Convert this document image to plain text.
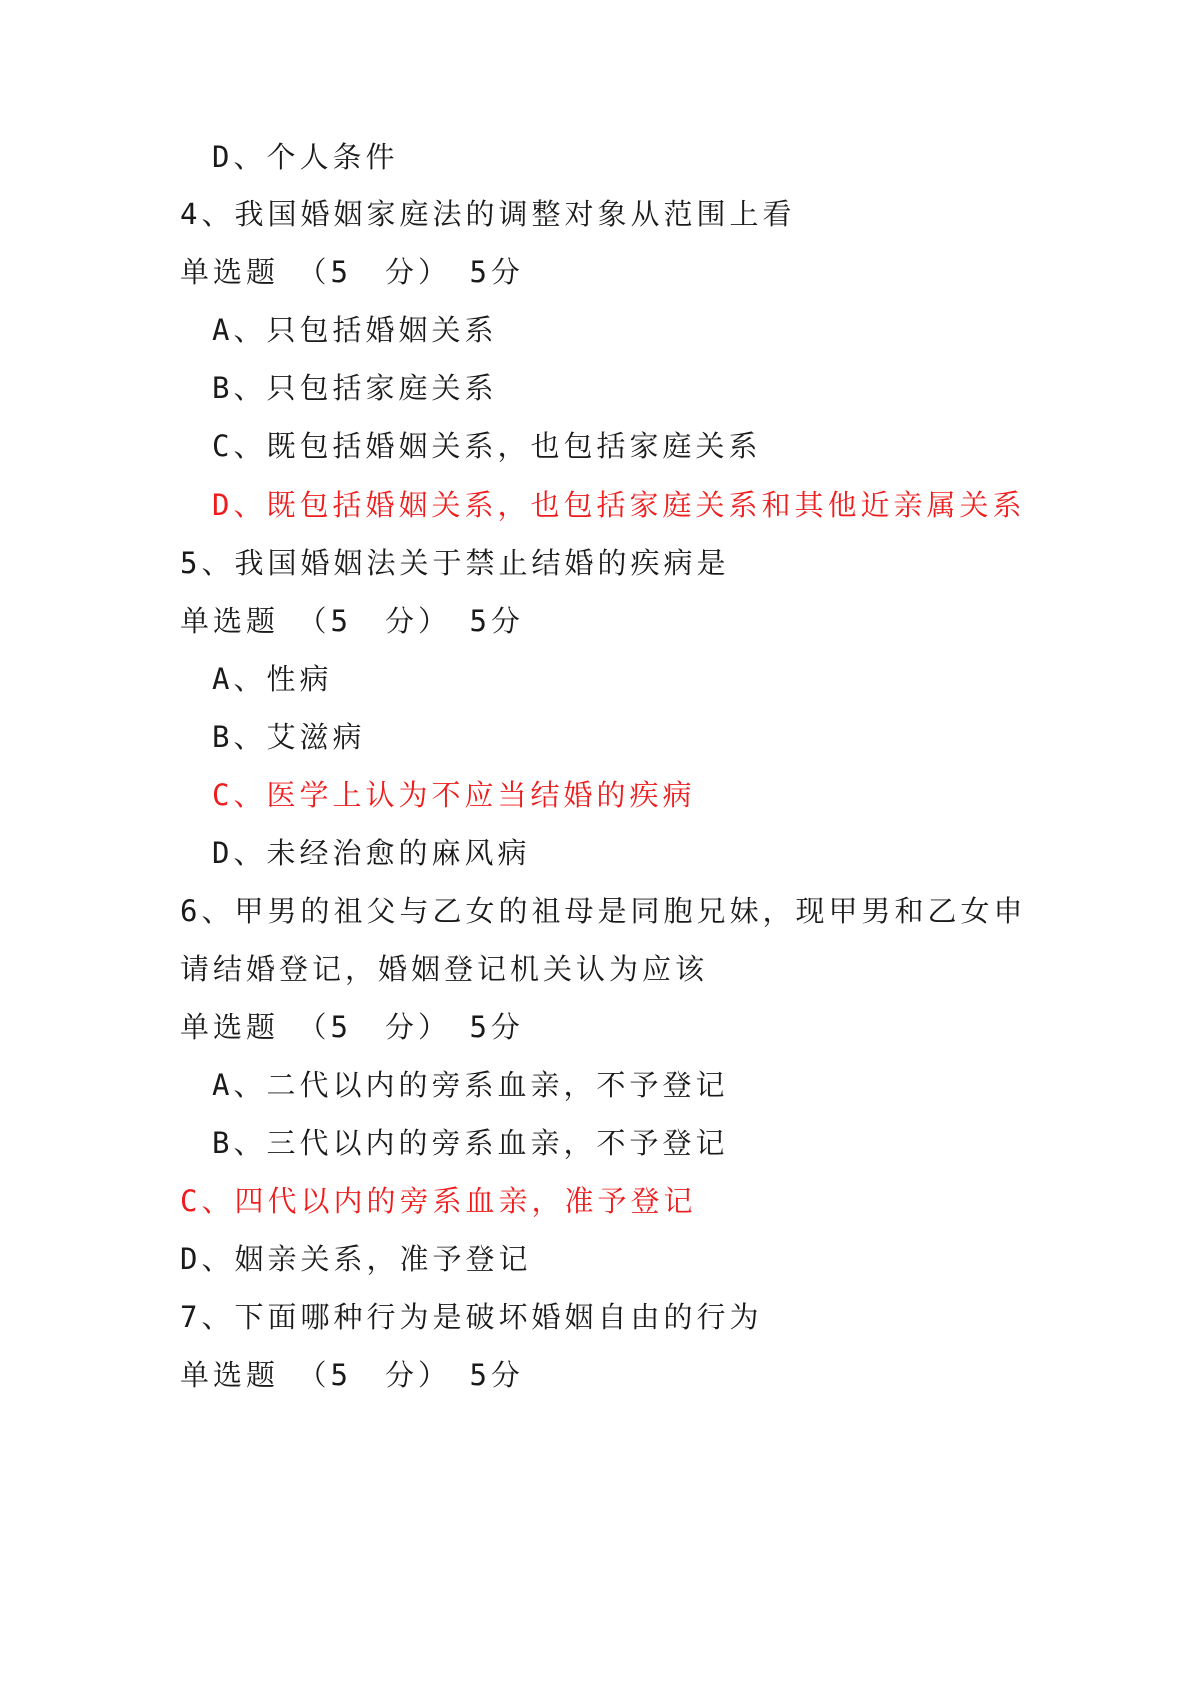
D、个人条件
4、我国婚姻家庭法的调整对象从范围上看
单选题　（5　分）　5分
A、只包括婚姻关系
B、只包括家庭关系
C、既包括婚姻关系，也包括家庭关系
D、既包括婚姻关系，也包括家庭关系和其他近亲属关系
5、我国婚姻法关于禁止结婚的疾病是
单选题　（5　分）　5分
A、性病
B、艾滋病
C、医学上认为不应当结婚的疾病
D、未经治愈的麻风病
6、甲男的祖父与乙女的祖母是同胞兄妹，现甲男和乙女申
请结婚登记，婚姻登记机关认为应该
单选题　（5　分）　5分
A、二代以内的旁系血亲，不予登记
B、三代以内的旁系血亲，不予登记
C、四代以内的旁系血亲，准予登记
D、姻亲关系，准予登记
7、下面哪种行为是破坏婚姻自由的行为
单选题　（5　分）　5分
